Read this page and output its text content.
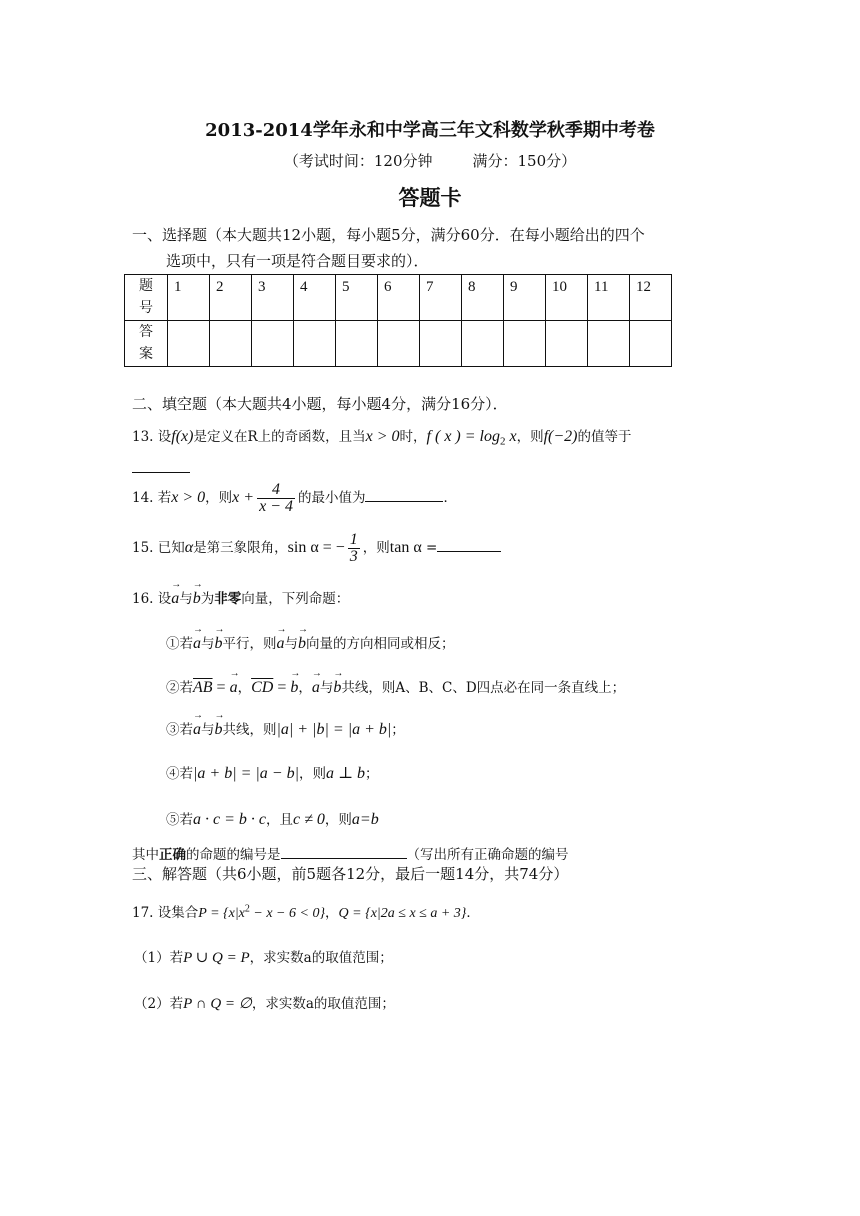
2013-2014学年永和中学高三年文科数学秋季期中考卷
（考试时间：120分钟	满分：150分）
答题卡
一、选择题（本大题共12小题，每小题5分，满分60分．在每小题给出的四个
选项中，只有一项是符合题目要求的）．
题
号	1	2	3	4	5	6	7	8	9	10	11	12

答
案												

二、填空题（本大题共4小题，每小题4分，满分16分）．
13. 设f(x)是定义在R上的奇函数，且当x > 0时，f ( x ) = $\log_2 x$，则f(−2)的值等于
14. 若x > 0，则$x + \frac{4}{x - 4}$ 的最小值为	．
15. 已知α是第三象限角，sin α = − $\frac{1}{3}$ ，则tan α =
16. 设→ a与→ b为非零向量，下列命题：
①若→ a与→ b平行，则→ a与→ b向量的方向相同或相反；
②若$\overline{AB}$ = → a，$\overline{CD}$ = → b，→ a与→ b共线，则A、B、C、D四点必在同一条直线上；
③若→ a与→ b共线，则|a| + |b| = |a + b|；
④若|a + b| = |a − b|，则a ⊥ b；
⑤若a · c = b · c，且c ≠ 0，则a=b
其中正确的命题的编号是	（写出所有正确命题的编号
三、解答题（共6小题，前5题各12分，最后一题14分，共74分）
17. 设集合$P = \{x|x^2 - x - 6 < 0\}$，Q = {x|2a ≤ x ≤ a + 3}．
（1）若P ∪ Q = P，求实数a的取值范围；
（2）若P ∩ Q = ∅，求实数a的取值范围；
